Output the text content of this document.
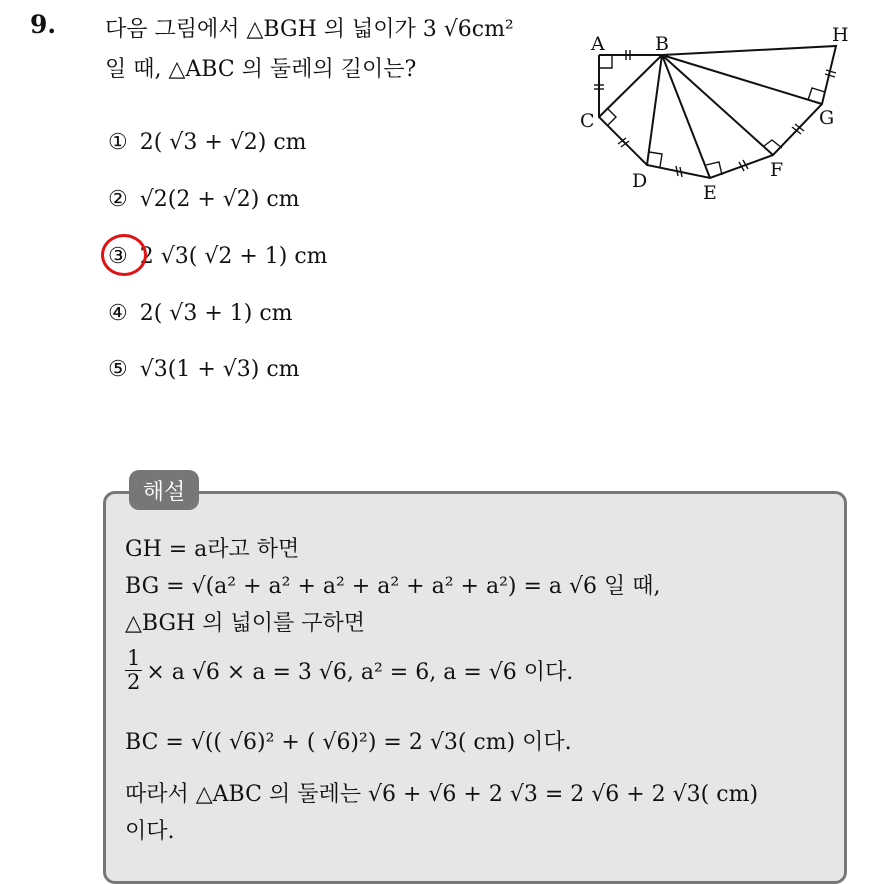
9. 다음 그림에서 △BGH 의 넓이가 3 √6cm²
일 때, △ABC 의 둘레의 길이는?
① 2( √3 + √2) cm
② √2(2 + √2) cm
③ 2 √3( √2 + 1) cm
④ 2( √3 + 1) cm
⑤ √3(1 + √3) cm
A	B	H
C	G
D
E
F
해설
GH = a라고 하면
BG = √(a² + a² + a² + a² + a² + a²) = a √6 일 때,
△BGH 의 넓이를 구하면
$\frac{1}{2} \times a$ √6 × a = 3 √6, a² = 6, a = √6 이다.
BC = √(( √6)² + ( √6)²) = 2 √3( cm) 이다.
따라서 △ABC 의 둘레는 √6 + √6 + 2 √3 = 2 √6 + 2 √3( cm)
이다.
